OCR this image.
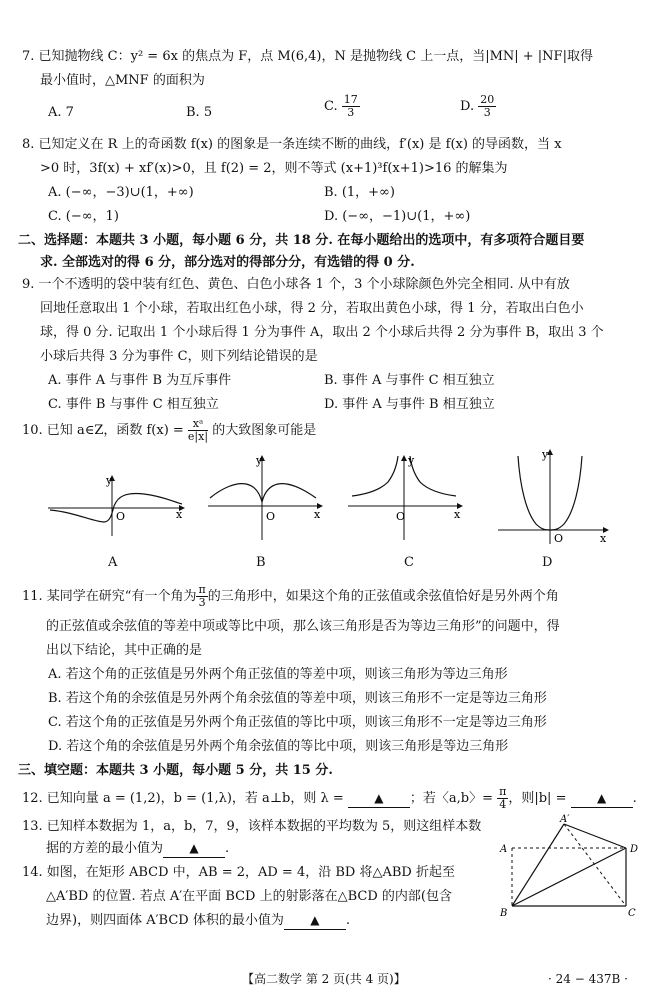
7. 已知抛物线 C：y² = 6x 的焦点为 F，点 M(6,4)，N 是抛物线 C 上一点，当|MN| + |NF|取得
最小值时，△MNF 的面积为
A. 7	B. 5	C. $\frac{17}{3}$	D. $\frac{20}{3}$
8. 已知定义在 R 上的奇函数 f(x) 的图象是一条连续不断的曲线，f′(x) 是 f(x) 的导函数，当 x
>0 时，3f(x) + xf′(x)>0，且 f(2) = 2，则不等式 (x+1)³f(x+1)>16 的解集为
A. (−∞，−3)∪(1，+∞)	B. (1，+∞)
C. (−∞，1)	D. (−∞，−1)∪(1，+∞)
二、选择题：本题共 3 小题，每小题 6 分，共 18 分. 在每小题给出的选项中，有多项符合题目要
求. 全部选对的得 6 分，部分选对的得部分分，有选错的得 0 分.
9. 一个不透明的袋中装有红色、黄色、白色小球各 1 个，3 个小球除颜色外完全相同. 从中有放
回地任意取出 1 个小球，若取出红色小球，得 2 分，若取出黄色小球，得 1 分，若取出白色小
球，得 0 分. 记取出 1 个小球后得 1 分为事件 A，取出 2 个小球后共得 2 分为事件 B，取出 3 个
小球后共得 3 分为事件 C，则下列结论错误的是
A. 事件 A 与事件 B 为互斥事件	B. 事件 A 与事件 C 相互独立
C. 事件 B 与事件 C 相互独立	D. 事件 A 与事件 B 相互独立
10. 已知 a∈Z，函数 $f(x) = \frac{\text{xᵃ}}{e|x|}$ 的大致图象可能是
y
x
O
A
y
x
O
B
y
x
O
C
y
x
O
D
11. 某同学在研究“有一个角为 $\frac{\pi}{3}$ 的三角形中，如果这个角的正弦值或余弦值恰好是另外两个角
的正弦值或余弦值的等差中项或等比中项，那么该三角形是否为等边三角形”的问题中，得
出以下结论，其中正确的是
A. 若这个角的正弦值是另外两个角正弦值的等差中项，则该三角形为等边三角形
B. 若这个角的余弦值是另外两个角余弦值的等差中项，则该三角形不一定是等边三角形
C. 若这个角的正弦值是另外两个角正弦值的等比中项，则该三角形不一定是等边三角形
D. 若这个角的余弦值是另外两个角余弦值的等比中项，则该三角形是等边三角形
三、填空题：本题共 3 小题，每小题 5 分，共 15 分.
12. 已知向量 a = (1,2)，b = (1,λ)，若 a⊥b，则 λ = ▲ ；若〈a,b〉= $\frac{\pi}{4}$ ，则|b| = ▲ .
13. 已知样本数据为 1，a，b，7，9，该样本数据的平均数为 5，则这组样本数
据的方差的最小值为 ▲ .
14. 如图，在矩形 ABCD 中，AB = 2，AD = 4，沿 BD 将△ABD 折起至
△A′BD 的位置. 若点 A′在平面 BCD 上的射影落在△BCD 的内部(包含
边界)，则四面体 A′BCD 体积的最小值为 ▲ .
A′
A	D
B	C
【高二数学 第 2 页(共 4 页)】	· 24 − 437B ·
